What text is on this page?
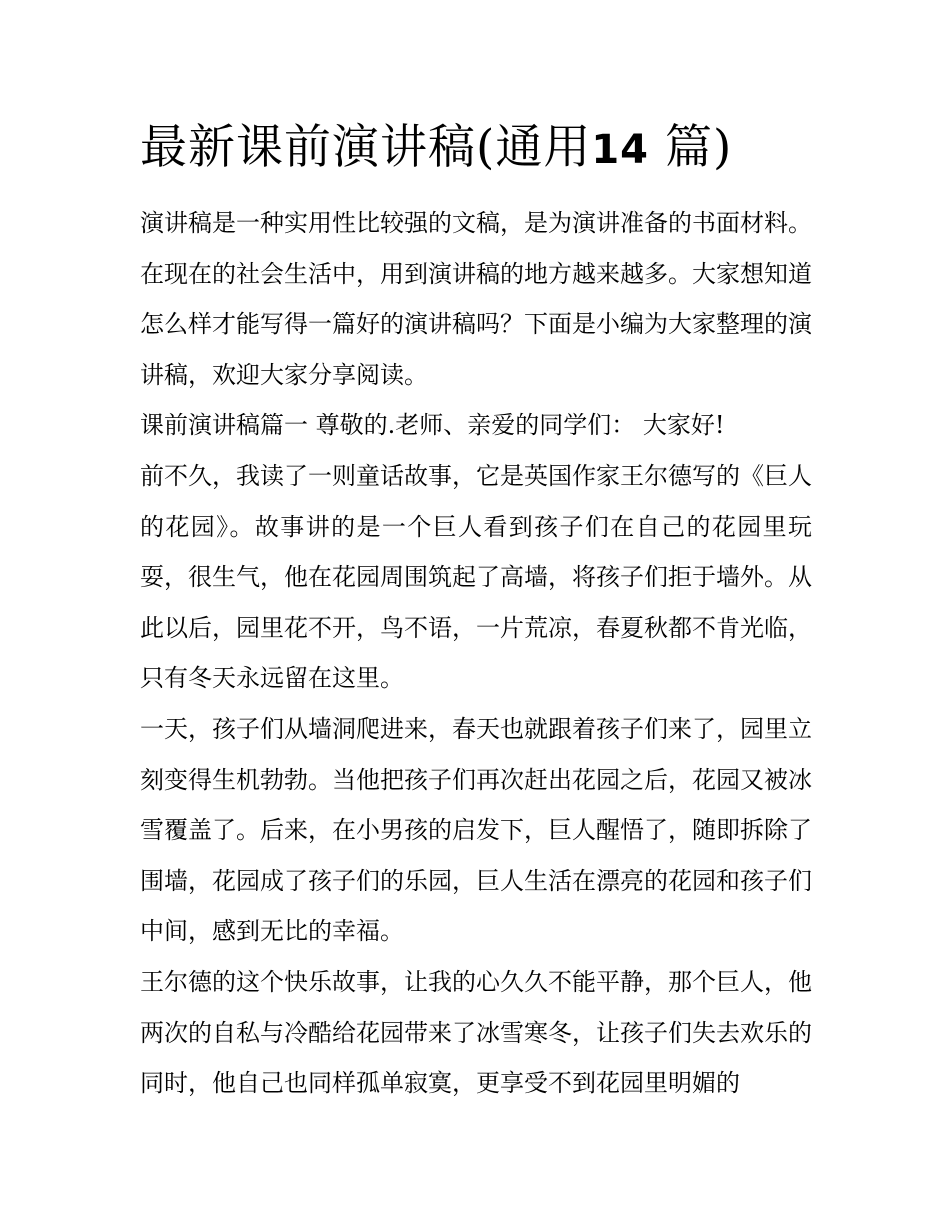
最新课前演讲稿(通用14 篇)

演讲稿是一种实用性比较强的文稿，是为演讲准备的书面材料。在现在的社会生活中，用到演讲稿的地方越来越多。大家想知道怎么样才能写得一篇好的演讲稿吗？下面是小编为大家整理的演讲稿，欢迎大家分享阅读。

课前演讲稿篇一 尊敬的.老师、亲爱的同学们： 大家好!

前不久，我读了一则童话故事，它是英国作家王尔德写的《巨人的花园》。故事讲的是一个巨人看到孩子们在自己的花园里玩耍，很生气，他在花园周围筑起了高墙，将孩子们拒于墙外。从此以后，园里花不开，鸟不语，一片荒凉，春夏秋都不肯光临，只有冬天永远留在这里。

一天，孩子们从墙洞爬进来，春天也就跟着孩子们来了，园里立刻变得生机勃勃。当他把孩子们再次赶出花园之后，花园又被冰雪覆盖了。后来，在小男孩的启发下，巨人醒悟了，随即拆除了围墙，花园成了孩子们的乐园，巨人生活在漂亮的花园和孩子们中间，感到无比的幸福。

王尔德的这个快乐故事，让我的心久久不能平静，那个巨人，他两次的自私与冷酷给花园带来了冰雪寒冬，让孩子们失去欢乐的同时，他自己也同样孤单寂寞，更享受不到花园里明媚的
